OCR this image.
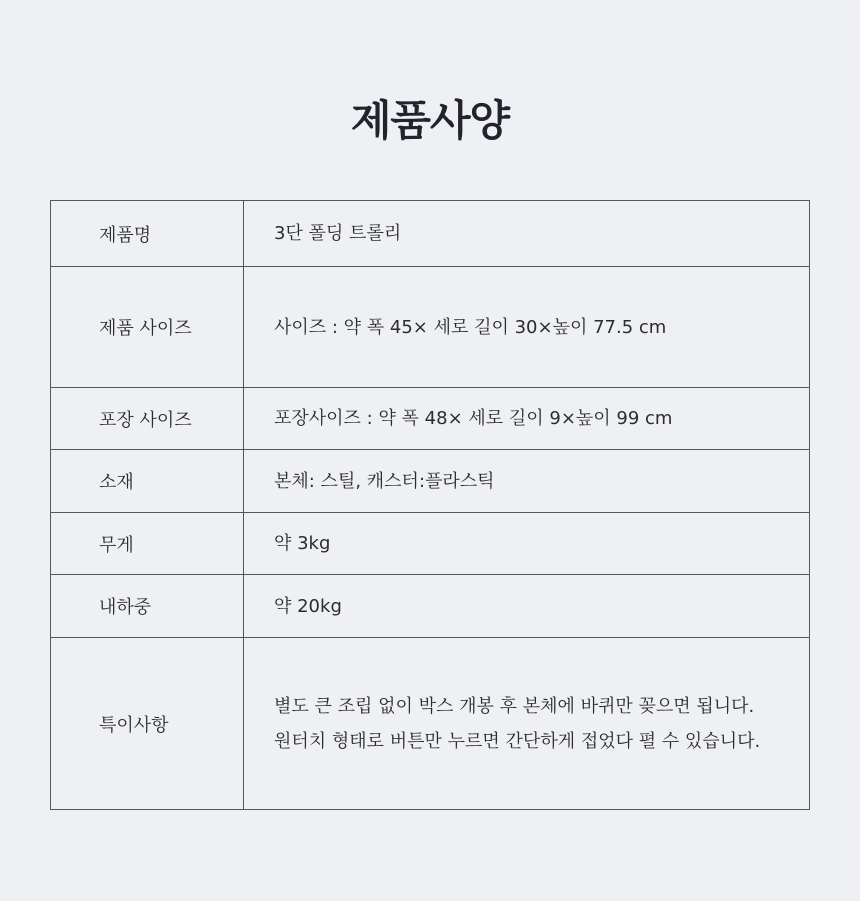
제품사양
제품명	3단 폴딩 트롤리

제품 사이즈	사이즈 : 약 폭 45× 세로 길이 30×높이 77.5 cm

포장 사이즈	포장사이즈 : 약 폭 48× 세로 길이 9×높이 99 cm

소재	본체: 스틸, 캐스터:플라스틱

무게	약 3kg

내하중	약 20kg

특이사항	별도 큰 조립 없이 박스 개봉 후 본체에 바퀴만 꽂으면 됩니다.
원터치 형태로 버튼만 누르면 간단하게 접었다 펼 수 있습니다.
